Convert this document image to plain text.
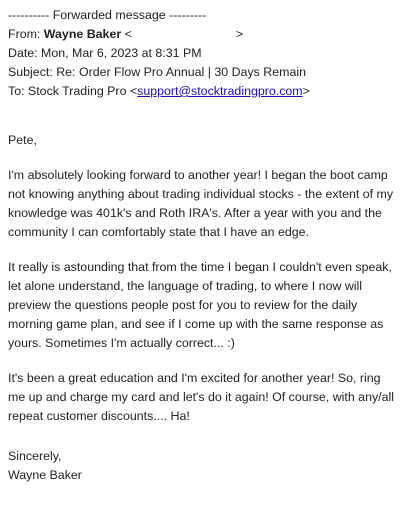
---------- Forwarded message ---------
From: Wayne Baker <	>
Date: Mon, Mar 6, 2023 at 8:31 PM
Subject: Re: Order Flow Pro Annual | 30 Days Remain
To: Stock Trading Pro <support@stocktradingpro.com>
Pete,
I'm absolutely looking forward to another year! I began the boot camp not knowing anything about trading individual stocks - the extent of my knowledge was 401k's and Roth IRA's. After a year with you and the community I can comfortably state that I have an edge.
It really is astounding that from the time I began I couldn't even speak, let alone understand, the language of trading, to where I now will preview the questions people post for you to review for the daily morning game plan, and see if I come up with the same response as yours. Sometimes I'm actually correct... :)
It's been a great education and I'm excited for another year! So, ring me up and charge my card and let's do it again! Of course, with any/all repeat customer discounts.... Ha!
Sincerely,
Wayne Baker
